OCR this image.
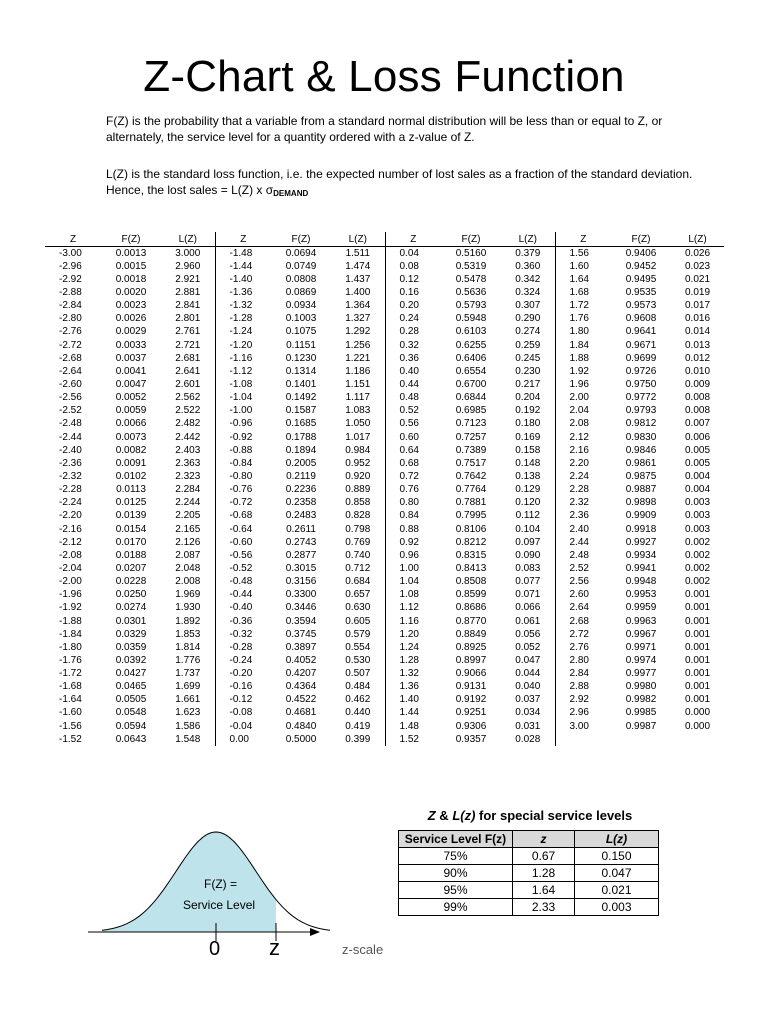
Z-Chart & Loss Function

F(Z) is the probability that a variable from a standard normal distribution will be less than or equal to Z, or alternately, the service level for a quantity ordered with a z-value of Z.

L(Z) is the standard loss function, i.e. the expected number of lost sales as a fraction of the standard deviation. Hence, the lost sales = L(Z) x σDEMAND

Z	F(Z)	L(Z)	Z	F(Z)	L(Z)	Z	F(Z)	L(Z)	Z	F(Z)	L(Z)
-3.00	0.0013	3.000	-1.48	0.0694	1.511	0.04	0.5160	0.379	1.56	0.9406	0.026
-2.96	0.0015	2.960	-1.44	0.0749	1.474	0.08	0.5319	0.360	1.60	0.9452	0.023
-2.92	0.0018	2.921	-1.40	0.0808	1.437	0.12	0.5478	0.342	1.64	0.9495	0.021
-2.88	0.0020	2.881	-1.36	0.0869	1.400	0.16	0.5636	0.324	1.68	0.9535	0.019
-2.84	0.0023	2.841	-1.32	0.0934	1.364	0.20	0.5793	0.307	1.72	0.9573	0.017
-2.80	0.0026	2.801	-1.28	0.1003	1.327	0.24	0.5948	0.290	1.76	0.9608	0.016
-2.76	0.0029	2.761	-1.24	0.1075	1.292	0.28	0.6103	0.274	1.80	0.9641	0.014
-2.72	0.0033	2.721	-1.20	0.1151	1.256	0.32	0.6255	0.259	1.84	0.9671	0.013
-2.68	0.0037	2.681	-1.16	0.1230	1.221	0.36	0.6406	0.245	1.88	0.9699	0.012
-2.64	0.0041	2.641	-1.12	0.1314	1.186	0.40	0.6554	0.230	1.92	0.9726	0.010
-2.60	0.0047	2.601	-1.08	0.1401	1.151	0.44	0.6700	0.217	1.96	0.9750	0.009
-2.56	0.0052	2.562	-1.04	0.1492	1.117	0.48	0.6844	0.204	2.00	0.9772	0.008
-2.52	0.0059	2.522	-1.00	0.1587	1.083	0.52	0.6985	0.192	2.04	0.9793	0.008
-2.48	0.0066	2.482	-0.96	0.1685	1.050	0.56	0.7123	0.180	2.08	0.9812	0.007
-2.44	0.0073	2.442	-0.92	0.1788	1.017	0.60	0.7257	0.169	2.12	0.9830	0.006
-2.40	0.0082	2.403	-0.88	0.1894	0.984	0.64	0.7389	0.158	2.16	0.9846	0.005
-2.36	0.0091	2.363	-0.84	0.2005	0.952	0.68	0.7517	0.148	2.20	0.9861	0.005
-2.32	0.0102	2.323	-0.80	0.2119	0.920	0.72	0.7642	0.138	2.24	0.9875	0.004
-2.28	0.0113	2.284	-0.76	0.2236	0.889	0.76	0.7764	0.129	2.28	0.9887	0.004
-2.24	0.0125	2.244	-0.72	0.2358	0.858	0.80	0.7881	0.120	2.32	0.9898	0.003
-2.20	0.0139	2.205	-0.68	0.2483	0.828	0.84	0.7995	0.112	2.36	0.9909	0.003
-2.16	0.0154	2.165	-0.64	0.2611	0.798	0.88	0.8106	0.104	2.40	0.9918	0.003
-2.12	0.0170	2.126	-0.60	0.2743	0.769	0.92	0.8212	0.097	2.44	0.9927	0.002
-2.08	0.0188	2.087	-0.56	0.2877	0.740	0.96	0.8315	0.090	2.48	0.9934	0.002
-2.04	0.0207	2.048	-0.52	0.3015	0.712	1.00	0.8413	0.083	2.52	0.9941	0.002
-2.00	0.0228	2.008	-0.48	0.3156	0.684	1.04	0.8508	0.077	2.56	0.9948	0.002
-1.96	0.0250	1.969	-0.44	0.3300	0.657	1.08	0.8599	0.071	2.60	0.9953	0.001
-1.92	0.0274	1.930	-0.40	0.3446	0.630	1.12	0.8686	0.066	2.64	0.9959	0.001
-1.88	0.0301	1.892	-0.36	0.3594	0.605	1.16	0.8770	0.061	2.68	0.9963	0.001
-1.84	0.0329	1.853	-0.32	0.3745	0.579	1.20	0.8849	0.056	2.72	0.9967	0.001
-1.80	0.0359	1.814	-0.28	0.3897	0.554	1.24	0.8925	0.052	2.76	0.9971	0.001
-1.76	0.0392	1.776	-0.24	0.4052	0.530	1.28	0.8997	0.047	2.80	0.9974	0.001
-1.72	0.0427	1.737	-0.20	0.4207	0.507	1.32	0.9066	0.044	2.84	0.9977	0.001
-1.68	0.0465	1.699	-0.16	0.4364	0.484	1.36	0.9131	0.040	2.88	0.9980	0.001
-1.64	0.0505	1.661	-0.12	0.4522	0.462	1.40	0.9192	0.037	2.92	0.9982	0.001
-1.60	0.0548	1.623	-0.08	0.4681	0.440	1.44	0.9251	0.034	2.96	0.9985	0.000
-1.56	0.0594	1.586	-0.04	0.4840	0.419	1.48	0.9306	0.031	3.00	0.9987	0.000
-1.52	0.0643	1.548	0.00	0.5000	0.399	1.52	0.9357	0.028			
F(Z) =
Service Level
0 z	z-scale
Z & L(z) for special service levels
Service Level F(z)	z	L(z)
75%	0.67	0.150
90%	1.28	0.047
95%	1.64	0.021
99%	2.33	0.003
